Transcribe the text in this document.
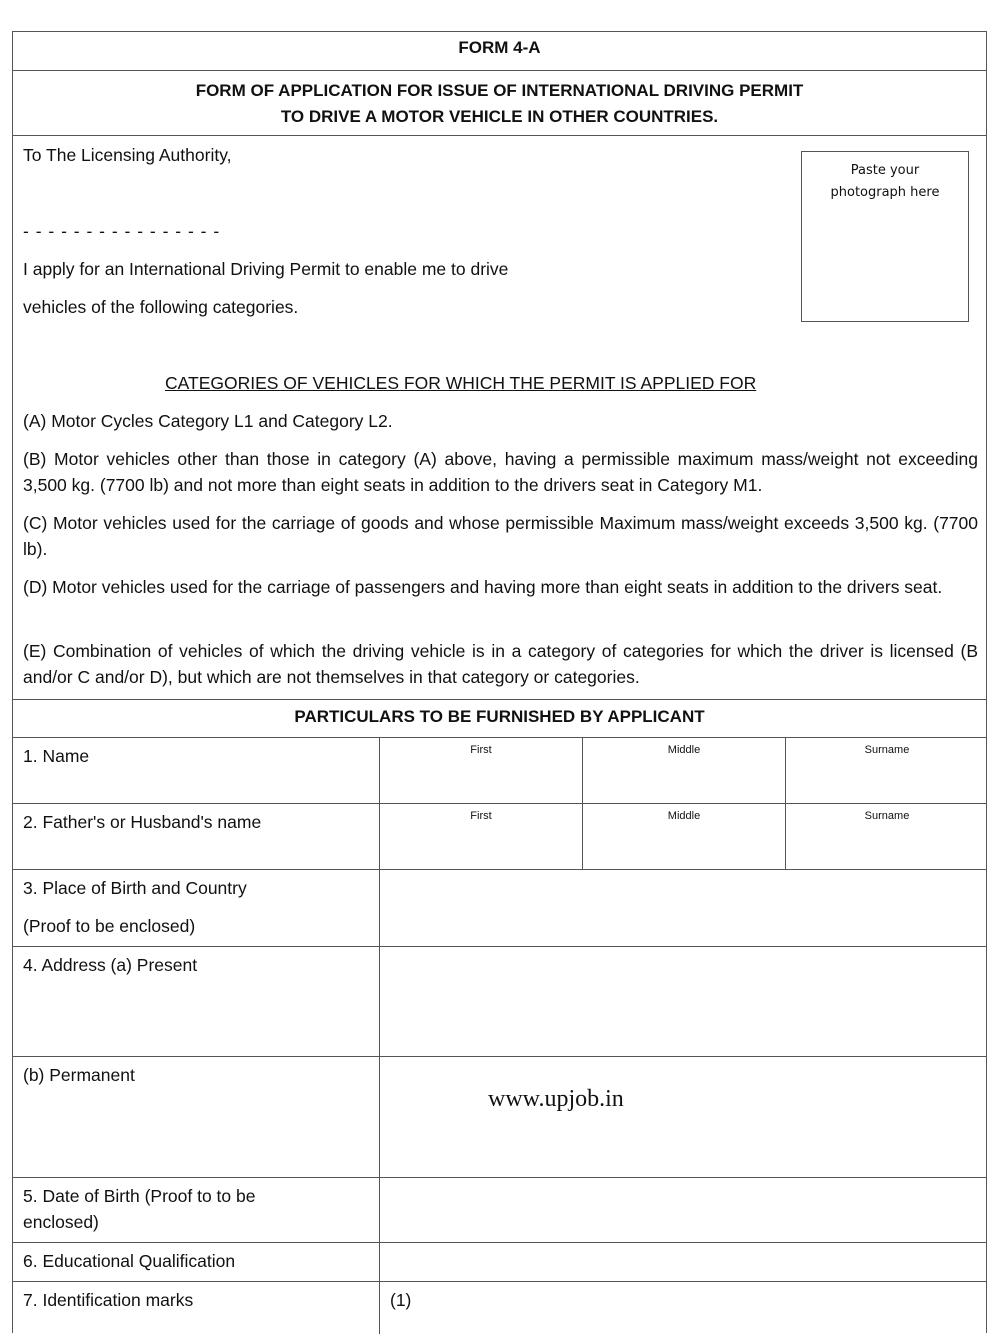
FORM 4-A
FORM OF APPLICATION FOR ISSUE OF INTERNATIONAL DRIVING PERMIT
TO DRIVE A MOTOR VEHICLE IN OTHER COUNTRIES.
To The Licensing Authority,
- - - - - - - - - - - - - - - -
I apply for an International Driving Permit to enable me to drive
vehicles of the following categories.
Paste your
photograph here
CATEGORIES OF VEHICLES FOR WHICH THE PERMIT IS APPLIED FOR
(A) Motor Cycles Category L1 and Category L2.
(B) Motor vehicles other than those in category (A) above, having a permissible maximum mass/weight not exceeding 3,500 kg. (7700 lb) and not more than eight seats in addition to the drivers seat in Category M1.
(C) Motor vehicles used for the carriage of goods and whose permissible Maximum mass/weight exceeds 3,500 kg. (7700 lb).
(D) Motor vehicles used for the carriage of passengers and having more than eight seats in addition to the drivers seat.
(E) Combination of vehicles of which the driving vehicle is in a category of categories for which the driver is licensed (B and/or C and/or D), but which are not themselves in that category or categories.
PARTICULARS TO BE FURNISHED BY APPLICANT
1. Name	First	Middle	Surname
2. Father's or Husband's name	First	Middle	Surname
3. Place of Birth and Country
(Proof to be enclosed)
4. Address (a) Present
(b) Permanent
5. Date of Birth (Proof to to be
enclosed)
6. Educational Qualification
7. Identification marks	(1)
www.upjob.in
